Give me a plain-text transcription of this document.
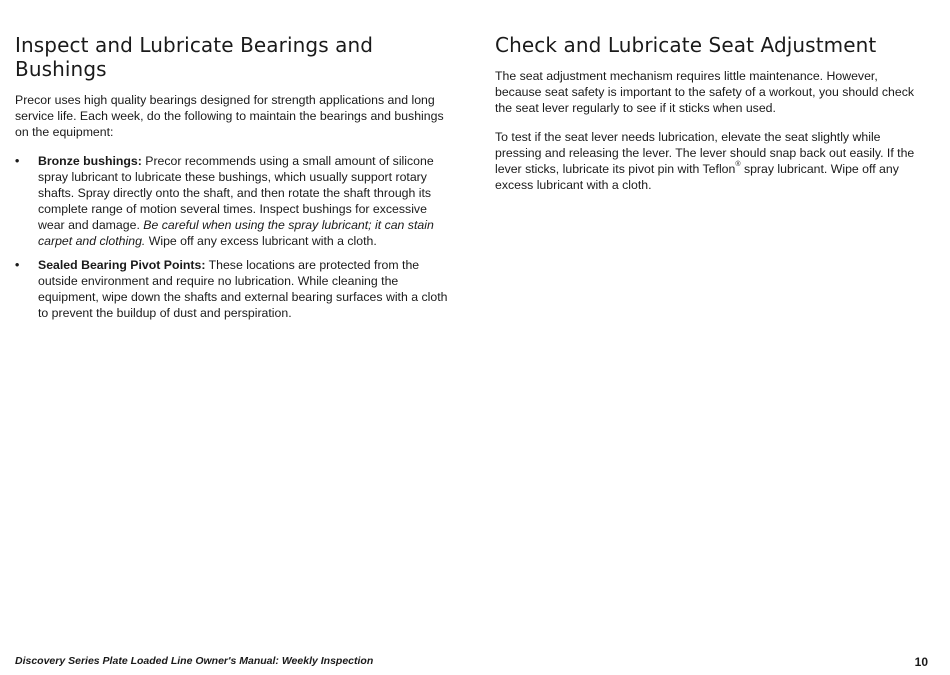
Inspect and Lubricate Bearings and Bushings

Precor uses high quality bearings designed for strength applications and long service life. Each week, do the following to maintain the bearings and bushings on the equipment:

• Bronze bushings: Precor recommends using a small amount of silicone spray lubricant to lubricate these bushings, which usually support rotary shafts. Spray directly onto the shaft, and then rotate the shaft through its complete range of motion several times. Inspect bushings for excessive wear and damage. Be careful when using the spray lubricant; it can stain carpet and clothing. Wipe off any excess lubricant with a cloth.
• Sealed Bearing Pivot Points: These locations are protected from the outside environment and require no lubrication. While cleaning the equipment, wipe down the shafts and external bearing surfaces with a cloth to prevent the buildup of dust and perspiration.
Check and Lubricate Seat Adjustment

The seat adjustment mechanism requires little maintenance. However, because seat safety is important to the safety of a workout, you should check the seat lever regularly to see if it sticks when used.

To test if the seat lever needs lubrication, elevate the seat slightly while pressing and releasing the lever. The lever should snap back out easily. If the lever sticks, lubricate its pivot pin with Teflon® spray lubricant. Wipe off any excess lubricant with a cloth.

Discovery Series Plate Loaded Line Owner's Manual: Weekly Inspection	10
